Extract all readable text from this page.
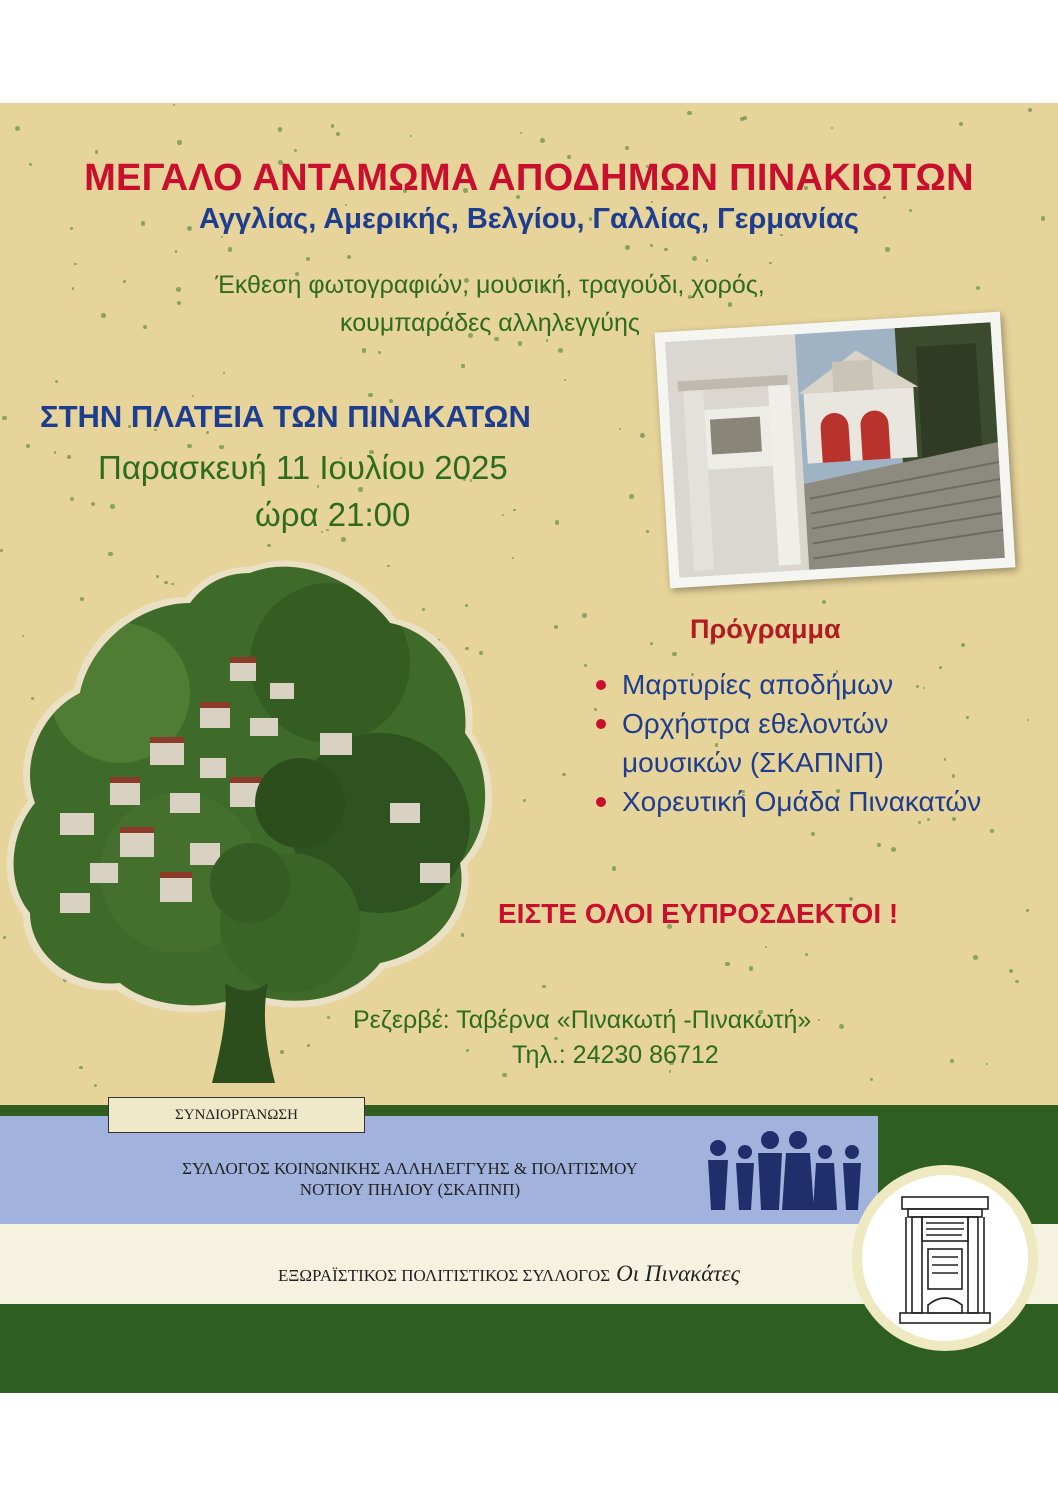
ΜΕΓΑΛΟ ΑΝΤΑΜΩΜΑ ΑΠΟΔΗΜΩΝ ΠΙΝΑΚΙΩΤΩΝ
Αγγλίας, Αμερικής, Βελγίου, Γαλλίας, Γερμανίας
Έκθεση φωτογραφιών, μουσική, τραγούδι, χορός,
κουμπαράδες αλληλεγγύης
ΣΤΗΝ ΠΛΑΤΕΙΑ ΤΩΝ ΠΙΝΑΚΑΤΩΝ
Παρασκευή 11 Ιουλίου 2025
ώρα 21:00
Πρόγραμμα
Μαρτυρίες αποδήμων
Ορχήστρα εθελοντών
μουσικών (ΣΚΑΠΝΠ)
Χορευτική Ομάδα Πινακατών
ΕΙΣΤΕ ΟΛΟΙ ΕΥΠΡΟΣΔΕΚΤΟΙ !
Ρεζερβέ: Ταβέρνα «Πινακωτή -Πινακωτή»
Τηλ.: 24230 86712
ΣΥΛΛΟΓΟΣ ΚΟΙΝΩΝΙΚΗΣ ΑΛΛΗΛΕΓΓΥΗΣ & ΠΟΛΙΤΙΣΜΟΥ
ΝΟΤΙΟΥ ΠΗΛΙΟΥ (ΣΚΑΠΝΠ)
ΣΥΝΔΙΟΡΓΑΝΩΣΗ
ΕΞΩΡΑΪΣΤΙΚΟΣ ΠΟΛΙΤΙΣΤΙΚΟΣ ΣΥΛΛΟΓΟΣ Οι Πινακάτες
